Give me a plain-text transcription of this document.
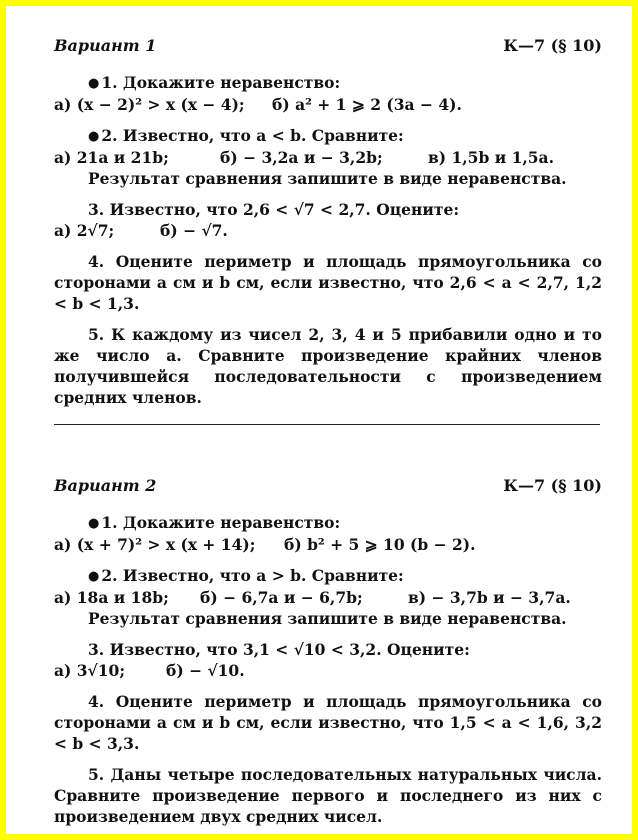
Вариант 1	К—7 (§ 10)

● 1. Докажите неравенство:

а) (x − 2)² > x (x − 4);	б) a² + 1 ⩾ 2 (3a − 4).

● 2. Известно, что a < b. Сравните:

а) 21a и 21b;	б) − 3,2a и − 3,2b;	в) 1,5b и 1,5a.

Результат сравнения запишите в виде неравенства.

3. Известно, что 2,6 < √7 < 2,7. Оцените:

а) 2√7;	б) − √7.

4. Оцените периметр и площадь прямоугольника со сторонами a см и b см, если известно, что 2,6 < a < 2,7, 1,2 < b < 1,3.

5. К каждому из чисел 2, 3, 4 и 5 прибавили одно и то же число a. Сравните произведение крайних членов получившейся последовательности с произведением средних членов.

Вариант 2	К—7 (§ 10)

● 1. Докажите неравенство:

а) (x + 7)² > x (x + 14);	б) b² + 5 ⩾ 10 (b − 2).

● 2. Известно, что a > b. Сравните:

а) 18a и 18b;	б) − 6,7a и − 6,7b;	в) − 3,7b и − 3,7a.

Результат сравнения запишите в виде неравенства.

3. Известно, что 3,1 < √10 < 3,2. Оцените:

а) 3√10;	б) − √10.

4. Оцените периметр и площадь прямоугольника со сторонами a см и b см, если известно, что 1,5 < a < 1,6, 3,2 < b < 3,3.

5. Даны четыре последовательных натуральных числа. Сравните произведение первого и последнего из них с произведением двух средних чисел.
